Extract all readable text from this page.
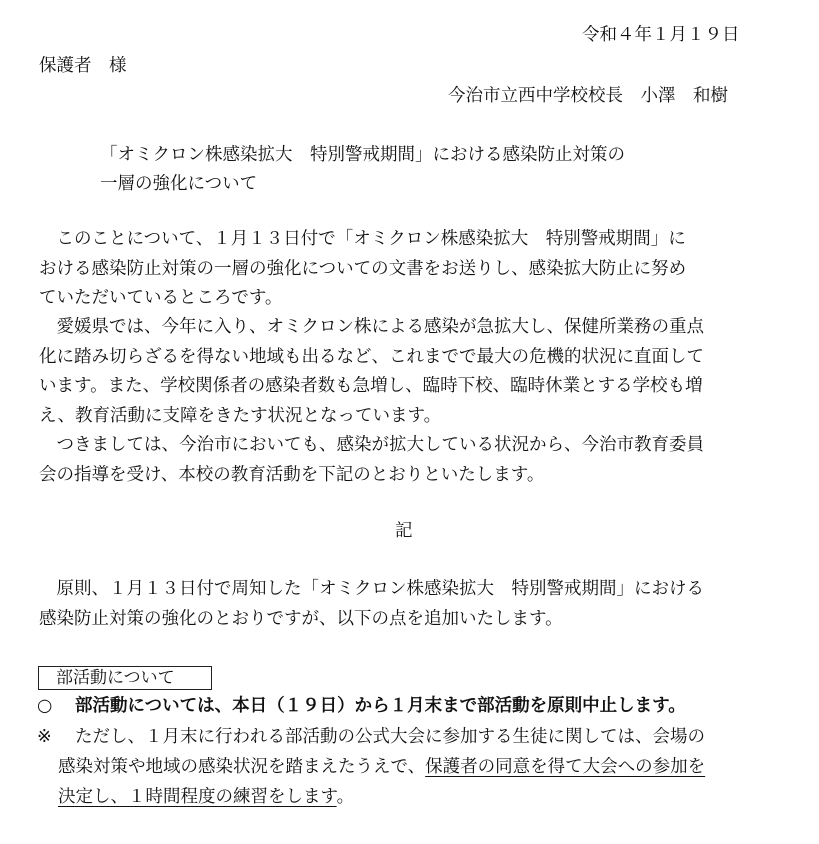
令和４年１月１９日
保護者　様
今治市立西中学校校長　小澤　和樹
「オミクロン株感染拡大　特別警戒期間」における感染防止対策の
一層の強化について
　このことについて、１月１３日付で「オミクロン株感染拡大　特別警戒期間」に
おける感染防止対策の一層の強化についての文書をお送りし、感染拡大防止に努め
ていただいているところです。
　愛媛県では、今年に入り、オミクロン株による感染が急拡大し、保健所業務の重点
化に踏み切らざるを得ない地域も出るなど、これまでで最大の危機的状況に直面して
います。また、学校関係者の感染者数も急増し、臨時下校、臨時休業とする学校も増
え、教育活動に支障をきたす状況となっています。
　つきましては、今治市においても、感染が拡大している状況から、今治市教育委員
会の指導を受け、本校の教育活動を下記のとおりといたします。
記
　原則、１月１３日付で周知した「オミクロン株感染拡大　特別警戒期間」における
感染防止対策の強化のとおりですが、以下の点を追加いたします。
部活動について
○ 部活動については、本日（１９日）から１月末まで部活動を原則中止します。
※ ただし、１月末に行われる部活動の公式大会に参加する生徒に関しては、会場の
感染対策や地域の感染状況を踏まえたうえで、保護者の同意を得て大会への参加を
決定し、１時間程度の練習をします。
